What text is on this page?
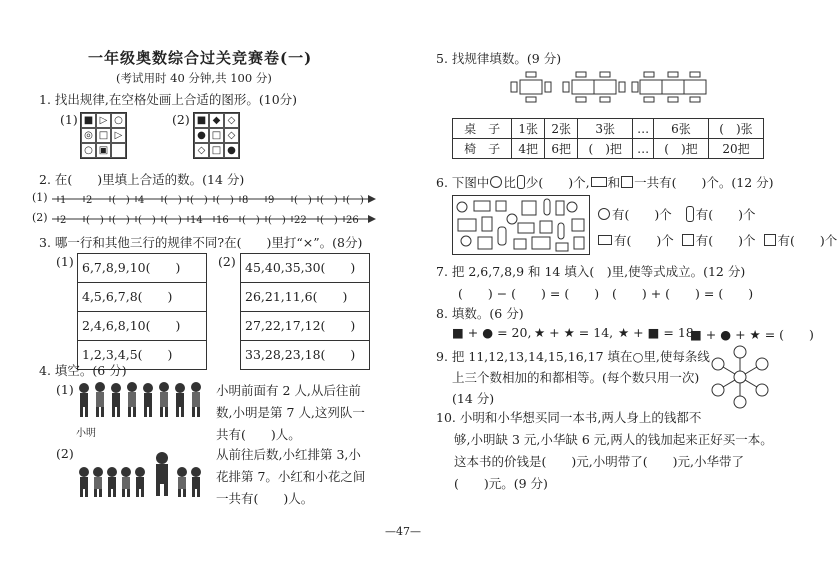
一年级奥数综合过关竞赛卷(一)
(考试用时 40 分钟,共 100 分)
1. 找出规律,在空格处画上合适的图形。(10分)
(1) ■ ▷ ○
◎ □ ▷
○ ▣
(2) ■ ◆ ◇
● □ ◇
◇ □ ●
2. 在(　　)里填上合适的数。(14 分)
(1)
(2)
1 2 (　) 4 (　) (　) (　) 8 9 (　) (　) (　)
2 (　) (　) (　) (　) 14 16 (　) (　) 22 (　) 26
3. 哪一行和其他三行的规律不同?在(　　)里打“×”。(8分)
(1) 6,7,8,9,10(　　)
4,5,6,7,8(　　)
2,4,6,8,10(　　)
1,2,3,4,5(　　)
(2) 45,40,35,30(　　)
26,21,11,6(　　)
27,22,17,12(　　)
33,28,23,18(　　)
4. 填空。(6 分)
(1)
小明
小明前面有 2 人,从后往前
数,小明是第 7 人,这列队一
共有(　　)人。
(2)	从前往后数,小红排第 3,小
花排第 7。小红和小花之间
一共有(　　)人。
—47—
5. 找规律填数。(9 分)
桌　子	1张	2张	3张	…	6张	(　)张
椅　子	4把	6把	(　)把	…	(　)把	20把
6. 下图中 比 少(　　)个, 和 一共有(　　)个。(12 分)
有(　　)个 有(　　)个
有(　　)个 有(　　)个 有(　　)个
7. 把 2,6,7,8,9 和 14 填入(　)里,使等式成立。(12 分)
(　　) − (　　) = (　　) (　　) + (　　) = (　　)
8. 填数。(6 分)
■ + ● = 20, ★ + ★ = 14, ★ + ■ = 18
■ + ● + ★ = (　　)
9. 把 11,12,13,14,15,16,17 填在○里,使每条线
上三个数相加的和都相等。(每个数只用一次)
(14 分)
10. 小明和小华想买同一本书,两人身上的钱都不
够,小明缺 3 元,小华缺 6 元,两人的钱加起来正好买一本。
这本书的价钱是(　　)元,小明带了(　　)元,小华带了
(　　)元。(9 分)
